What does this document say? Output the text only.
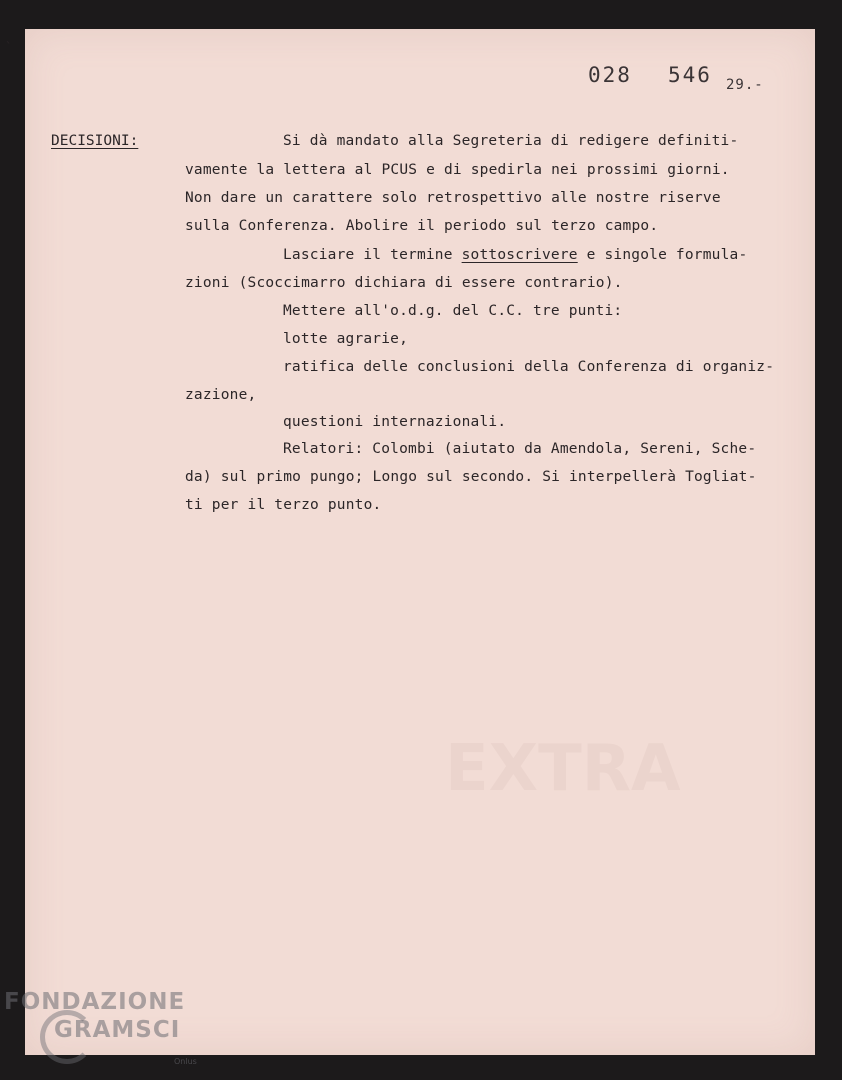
EXTRA
`
028 546 29.-
DECISIONI:	Si dà mandato alla Segreteria di redigere definiti-
vamente la lettera al PCUS e di spedirla nei prossimi giorni.
Non dare un carattere solo retrospettivo alle nostre riserve
sulla Conferenza. Abolire il periodo sul terzo campo.
Lasciare il termine sottoscrivere e singole formula-
zioni (Scoccimarro dichiara di essere contrario).
Mettere all'o.d.g. del C.C. tre punti:
lotte agrarie,
ratifica delle conclusioni della Conferenza di organiz-
zazione,
questioni internazionali.
Relatori: Colombi (aiutato da Amendola, Sereni, Sche-
da) sul primo pungo; Longo sul secondo. Si interpellerà Togliat-
ti per il terzo punto.
FONDAZIONE
GRAMSCI
Onlus
